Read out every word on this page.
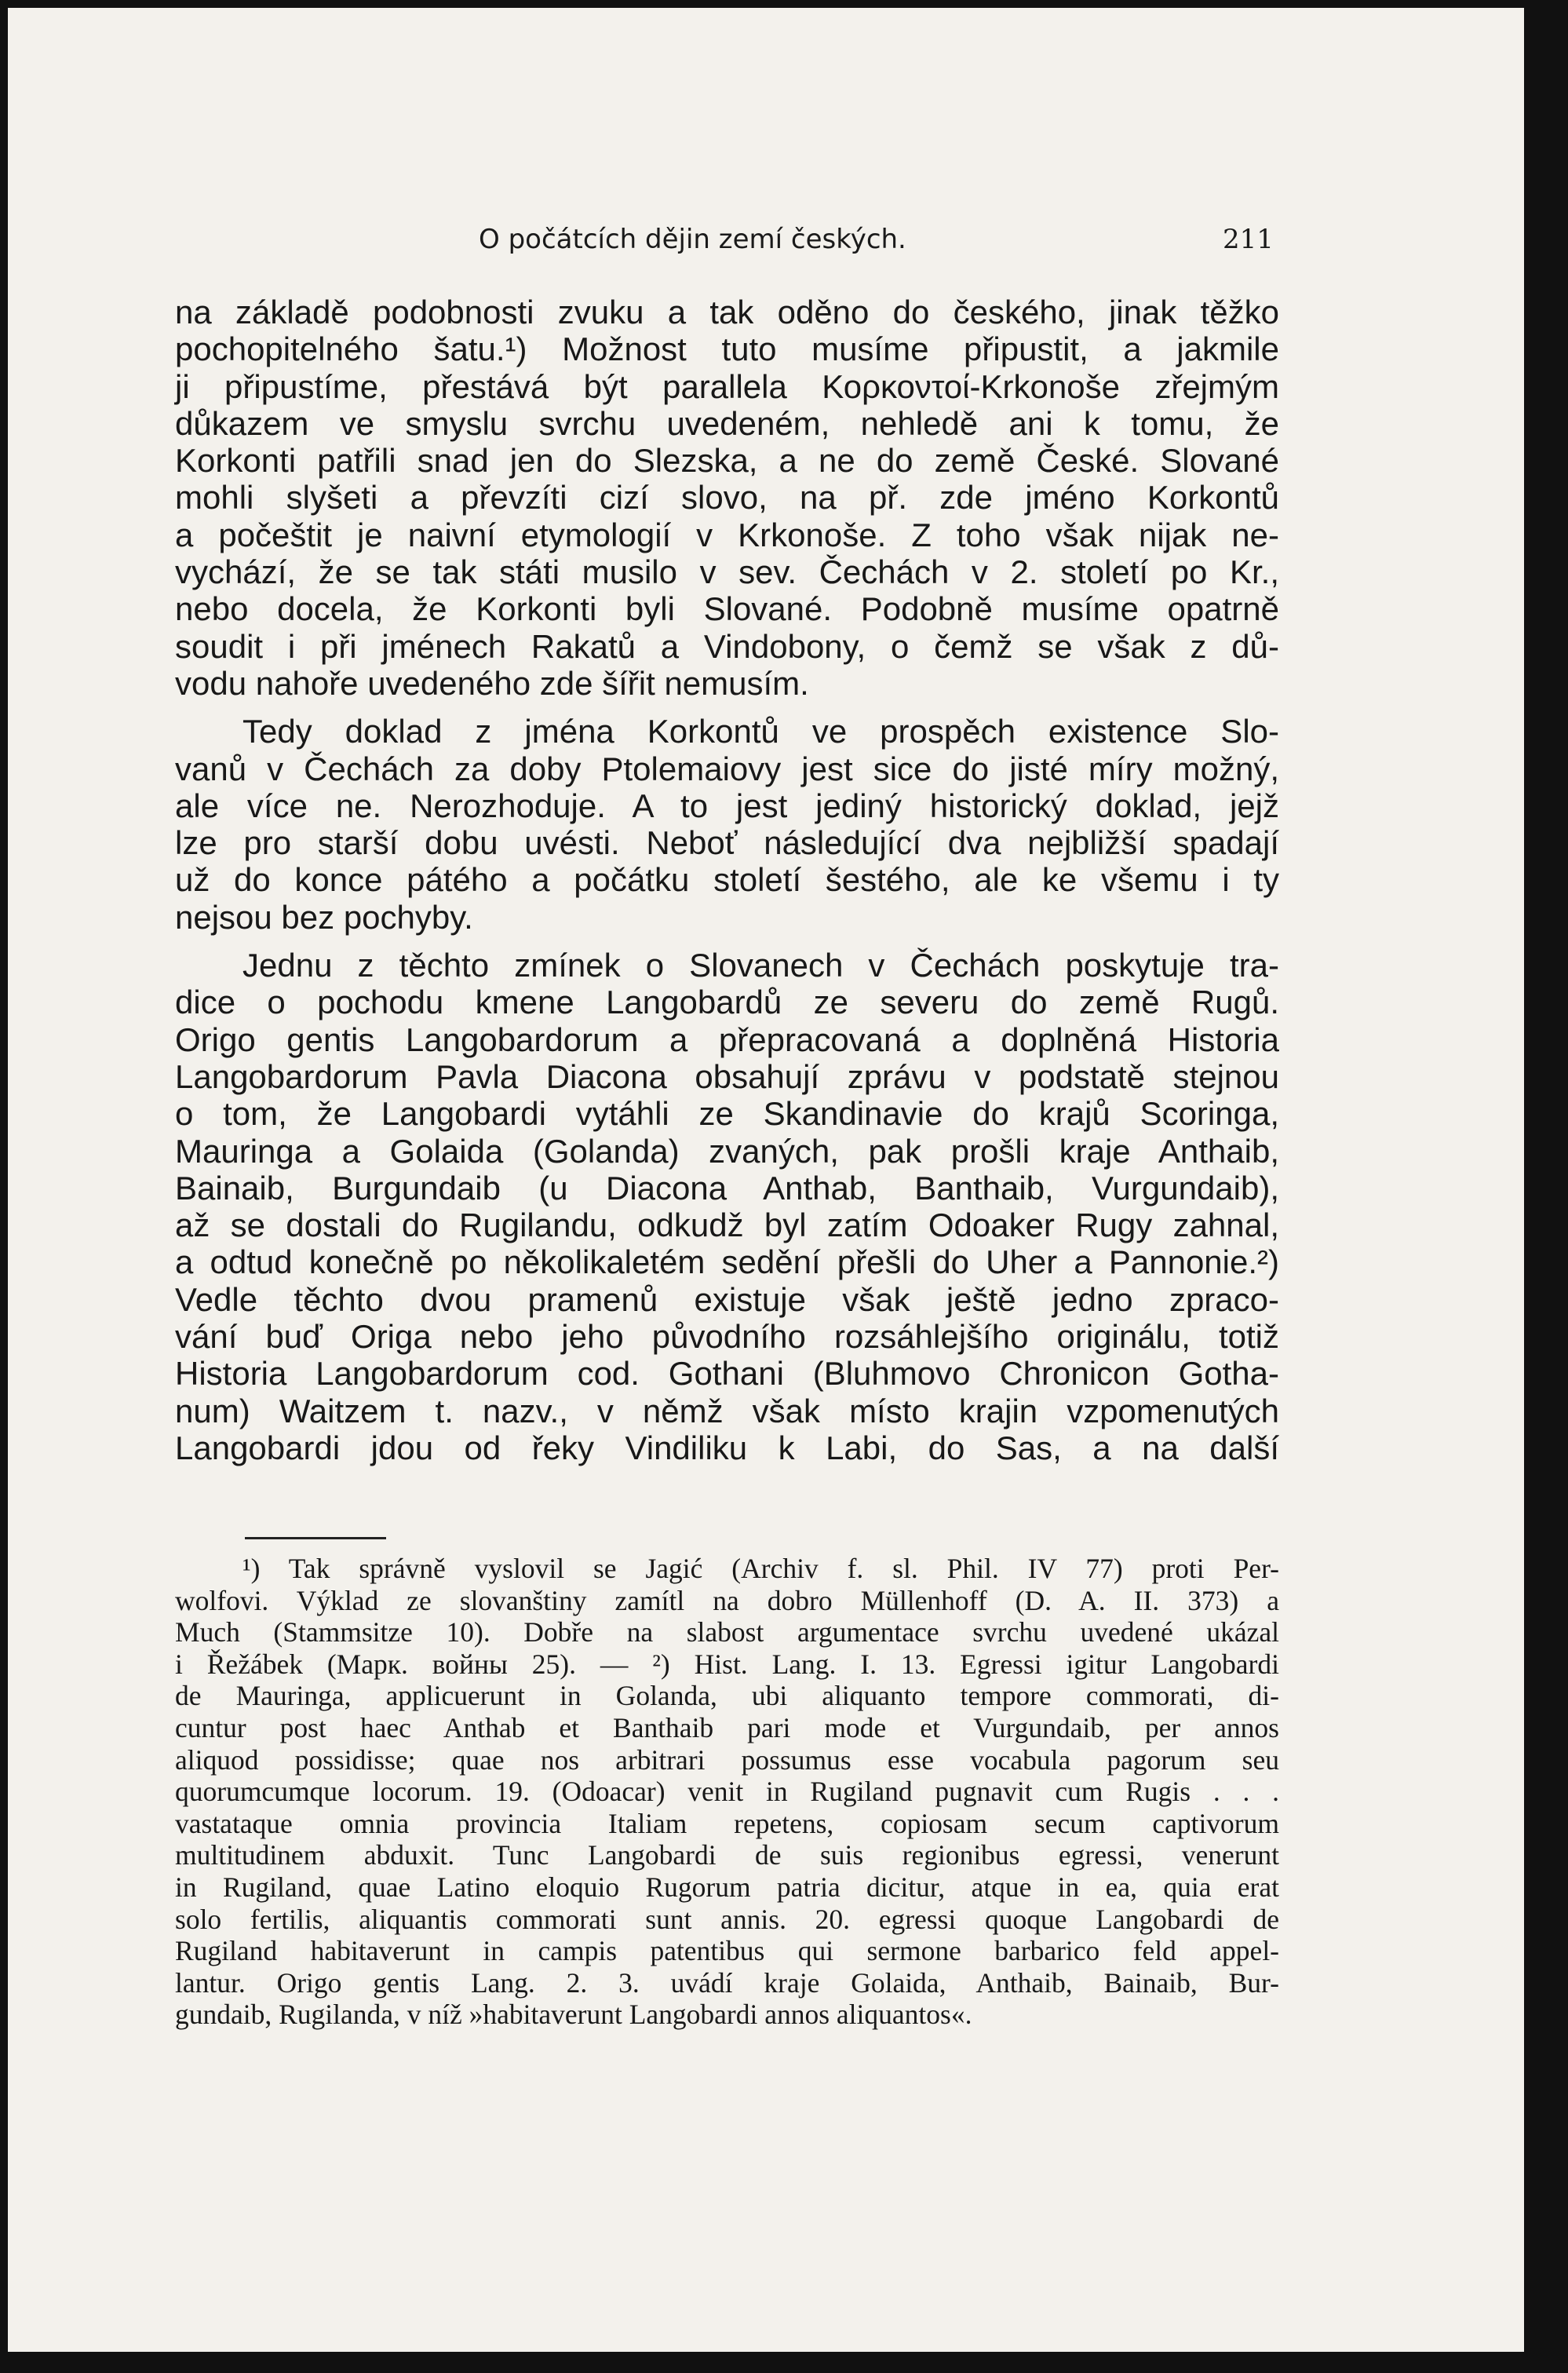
O počátcích dějin zemí českých.	211
na základě podobnosti zvuku a tak oděno do českého, jinak těžko
pochopitelného šatu.¹) Možnost tuto musíme připustit, a jakmile
ji připustíme, přestává být parallela Κορκοντοί-Krkonoše zřejmým
důkazem ve smyslu svrchu uvedeném, nehledě ani k tomu, že
Korkonti patřili snad jen do Slezska, a ne do země České. Slované
mohli slyšeti a převzíti cizí slovo, na př. zde jméno Korkontů
a počeštit je naivní etymologií v Krkonoše. Z toho však nijak ne-
vychází, že se tak státi musilo v sev. Čechách v 2. století po Kr.,
nebo docela, že Korkonti byli Slované. Podobně musíme opatrně
soudit i při jménech Rakatů a Vindobony, o čemž se však z dů-
vodu nahoře uvedeného zde šířit nemusím.
Tedy doklad z jména Korkontů ve prospěch existence Slo-
vanů v Čechách za doby Ptolemaiovy jest sice do jisté míry možný,
ale více ne. Nerozhoduje. A to jest jediný historický doklad, jejž
lze pro starší dobu uvésti. Neboť následující dva nejbližší spadají
už do konce pátého a počátku století šestého, ale ke všemu i ty
nejsou bez pochyby.
Jednu z těchto zmínek o Slovanech v Čechách poskytuje tra-
dice o pochodu kmene Langobardů ze severu do země Rugů.
Origo gentis Langobardorum a přepracovaná a doplněná Historia
Langobardorum Pavla Diacona obsahují zprávu v podstatě stejnou
o tom, že Langobardi vytáhli ze Skandinavie do krajů Scoringa,
Mauringa a Golaida (Golanda) zvaných, pak prošli kraje Anthaib,
Bainaib, Burgundaib (u Diacona Anthab, Banthaib, Vurgundaib),
až se dostali do Rugilandu, odkudž byl zatím Odoaker Rugy zahnal,
a odtud konečně po několikaletém sedění přešli do Uher a Pannonie.²) Vedle těchto dvou pramenů existuje však ještě jedno zpraco-
vání buď Origa nebo jeho původního rozsáhlejšího originálu, totiž
Historia Langobardorum cod. Gothani (Bluhmovo Chronicon Gotha-
num) Waitzem t. nazv., v němž však místo krajin vzpomenutých
Langobardi jdou od řeky Vindiliku k Labi, do Sas, a na další
¹) Tak správně vyslovil se Jagić (Archiv f. sl. Phil. IV 77) proti Per-
wolfovi. Výklad ze slovanštiny zamítl na dobro Müllenhoff (D. A. II. 373) a
Much (Stammsitze 10). Dobře na slabost argumentace svrchu uvedené ukázal
i Řežábek (Марк. войны 25). — ²) Hist. Lang. I. 13. Egressi igitur Langobardi
de Mauringa, applicuerunt in Golanda, ubi aliquanto tempore commorati, di-
cuntur post haec Anthab et Banthaib pari mode et Vurgundaib, per annos
aliquod possidisse; quae nos arbitrari possumus esse vocabula pagorum seu
quorumcumque locorum. 19. (Odoacar) venit in Rugiland pugnavit cum Rugis . . .
vastataque omnia provincia Italiam repetens, copiosam secum captivorum
multitudinem abduxit. Tunc Langobardi de suis regionibus egressi, venerunt
in Rugiland, quae Latino eloquio Rugorum patria dicitur, atque in ea, quia erat
solo fertilis, aliquantis commorati sunt annis. 20. egressi quoque Langobardi de
Rugiland habitaverunt in campis patentibus qui sermone barbarico feld appel-
lantur. Origo gentis Lang. 2. 3. uvádí kraje Golaida, Anthaib, Bainaib, Bur-
gundaib, Rugilanda, v níž »habitaverunt Langobardi annos aliquantos«.
